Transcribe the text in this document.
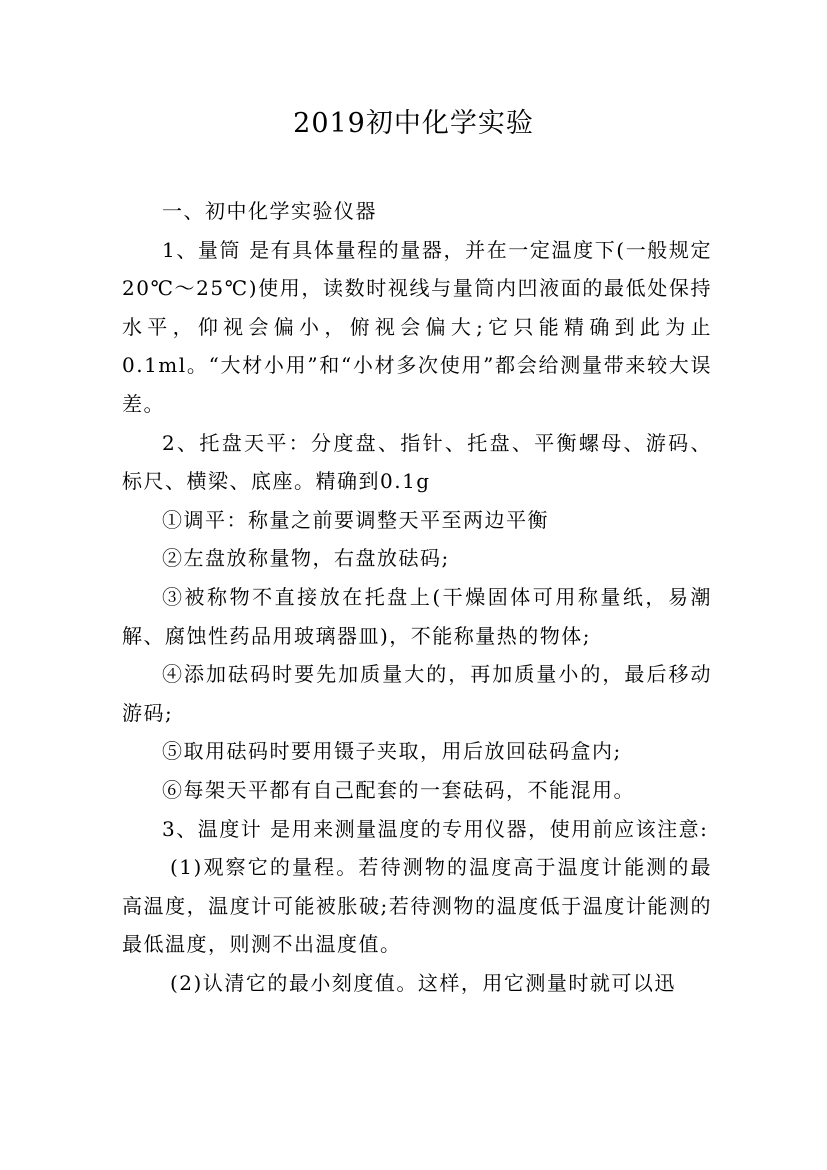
2019初中化学实验

一、初中化学实验仪器

1、量筒 是有具体量程的量器，并在一定温度下(一般规定20℃～25℃)使用，读数时视线与量筒内凹液面的最低处保持水平，仰视会偏小，俯视会偏大;它只能精确到此为止0.1ml。“大材小用”和“小材多次使用”都会给测量带来较大误差。

2、托盘天平：分度盘、指针、托盘、平衡螺母、游码、标尺、横梁、底座。精确到0.1g

①调平：称量之前要调整天平至两边平衡

②左盘放称量物，右盘放砝码;

③被称物不直接放在托盘上(干燥固体可用称量纸，易潮解、腐蚀性药品用玻璃器皿)，不能称量热的物体;

④添加砝码时要先加质量大的，再加质量小的，最后移动游码;

⑤取用砝码时要用镊子夹取，用后放回砝码盒内;

⑥每架天平都有自己配套的一套砝码，不能混用。

3、温度计 是用来测量温度的专用仪器，使用前应该注意:

(1)观察它的量程。若待测物的温度高于温度计能测的最高温度，温度计可能被胀破;若待测物的温度低于温度计能测的最低温度，则测不出温度值。

(2)认清它的最小刻度值。这样，用它测量时就可以迅
